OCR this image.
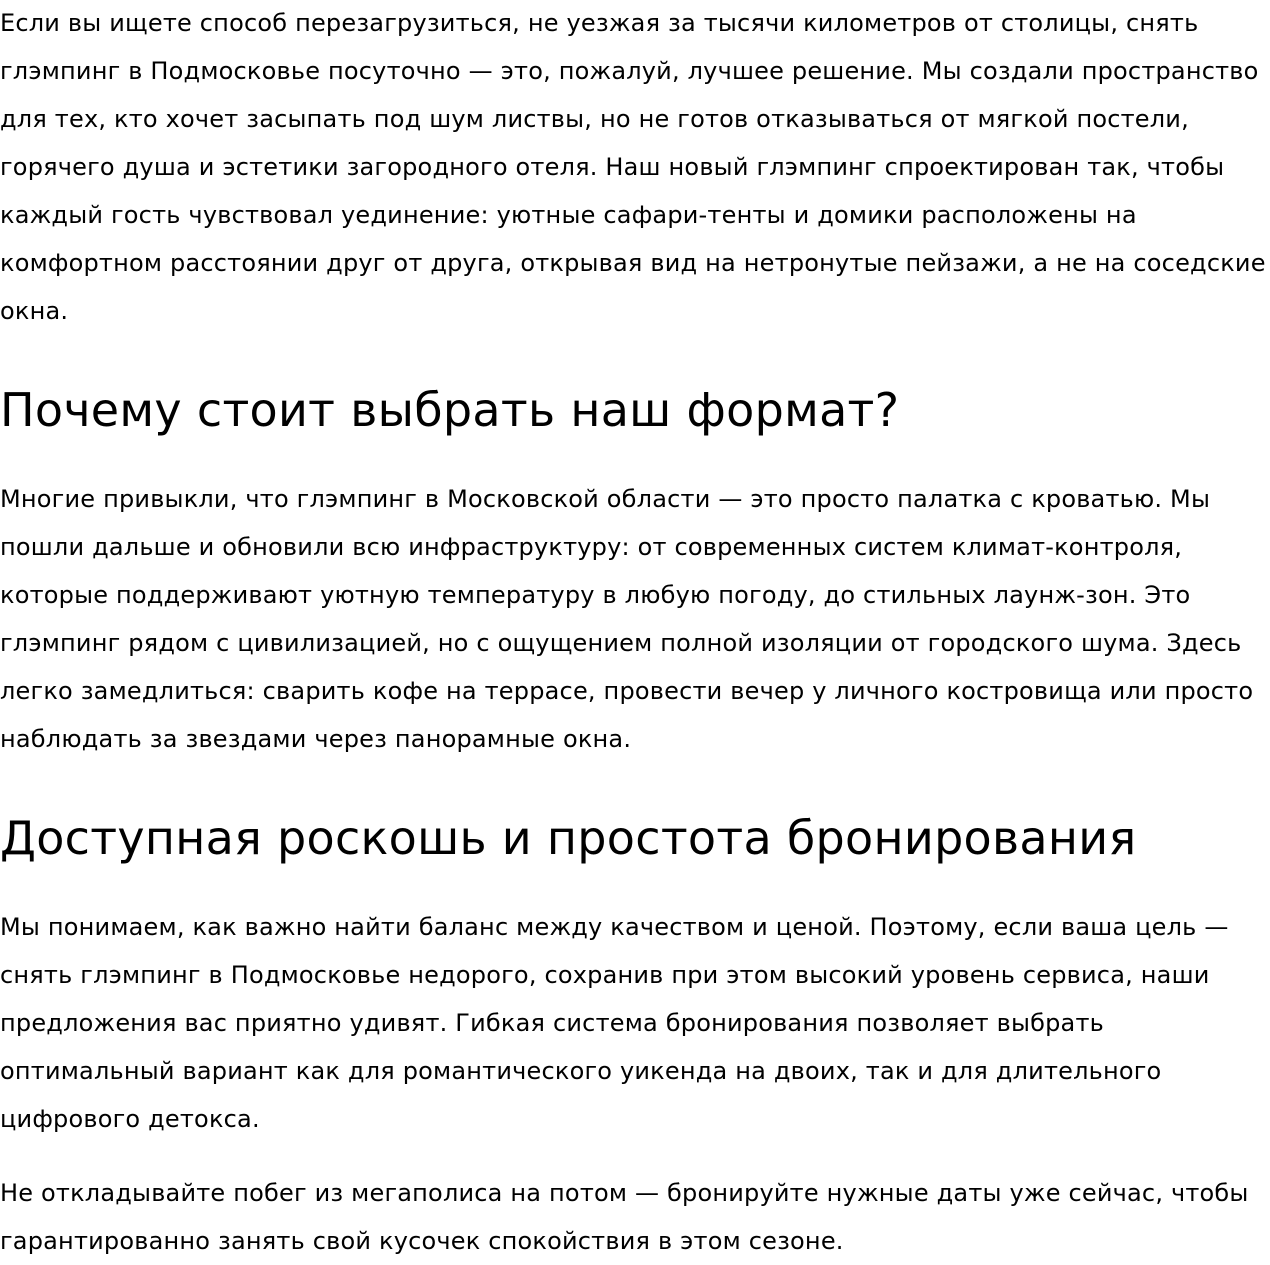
Если вы ищете способ перезагрузиться, не уезжая за тысячи километров от столицы, снять глэмпинг в Подмосковье посуточно — это, пожалуй, лучшее решение. Мы создали пространство для тех, кто хочет засыпать под шум листвы, но не готов отказываться от мягкой постели, горячего душа и эстетики загородного отеля. Наш новый глэмпинг спроектирован так, чтобы каждый гость чувствовал уединение: уютные сафари-тенты и домики расположены на комфортном расстоянии друг от друга, открывая вид на нетронутые пейзажи, а не на соседские окна.

Почему стоит выбрать наш формат?

Многие привыкли, что глэмпинг в Московской области — это просто палатка с кроватью. Мы пошли дальше и обновили всю инфраструктуру: от современных систем климат-контроля, которые поддерживают уютную температуру в любую погоду, до стильных лаунж-зон. Это глэмпинг рядом с цивилизацией, но с ощущением полной изоляции от городского шума. Здесь легко замедлиться: сварить кофе на террасе, провести вечер у личного костровища или просто наблюдать за звездами через панорамные окна.

Доступная роскошь и простота бронирования

Мы понимаем, как важно найти баланс между качеством и ценой. Поэтому, если ваша цель — снять глэмпинг в Подмосковье недорого, сохранив при этом высокий уровень сервиса, наши предложения вас приятно удивят. Гибкая система бронирования позволяет выбрать оптимальный вариант как для романтического уикенда на двоих, так и для длительного цифрового детокса.

Не откладывайте побег из мегаполиса на потом — бронируйте нужные даты уже сейчас, чтобы гарантированно занять свой кусочек спокойствия в этом сезоне.
